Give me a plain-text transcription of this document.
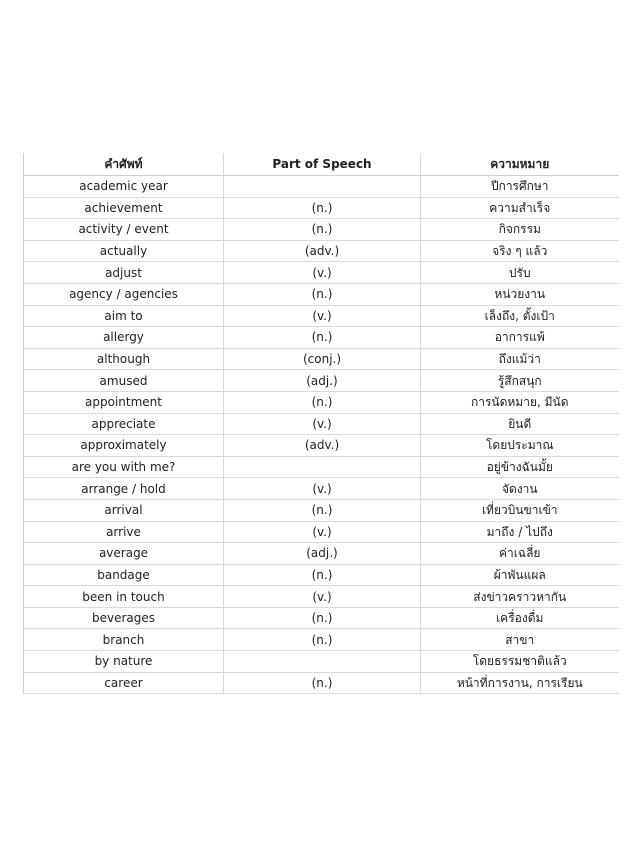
คำศัพท์	Part of Speech	ความหมาย
academic year		ปีการศึกษา
achievement	(n.)	ความสำเร็จ
activity / event	(n.)	กิจกรรม
actually	(adv.)	จริง ๆ แล้ว
adjust	(v.)	ปรับ
agency / agencies	(n.)	หน่วยงาน
aim to	(v.)	เล็งถึง, ตั้งเป้า
allergy	(n.)	อาการแพ้
although	(conj.)	ถึงแม้ว่า
amused	(adj.)	รู้สึกสนุก
appointment	(n.)	การนัดหมาย, มีนัด
appreciate	(v.)	ยินดี
approximately	(adv.)	โดยประมาณ
are you with me?		อยู่ข้างฉันมั้ย
arrange / hold	(v.)	จัดงาน
arrival	(n.)	เที่ยวบินขาเข้า
arrive	(v.)	มาถึง / ไปถึง
average	(adj.)	ค่าเฉลี่ย
bandage	(n.)	ผ้าพันแผล
been in touch	(v.)	ส่งข่าวคราวหากัน
beverages	(n.)	เครื่องดื่ม
branch	(n.)	สาขา
by nature		โดยธรรมชาติแล้ว
career	(n.)	หน้าที่การงาน, การเรียน
